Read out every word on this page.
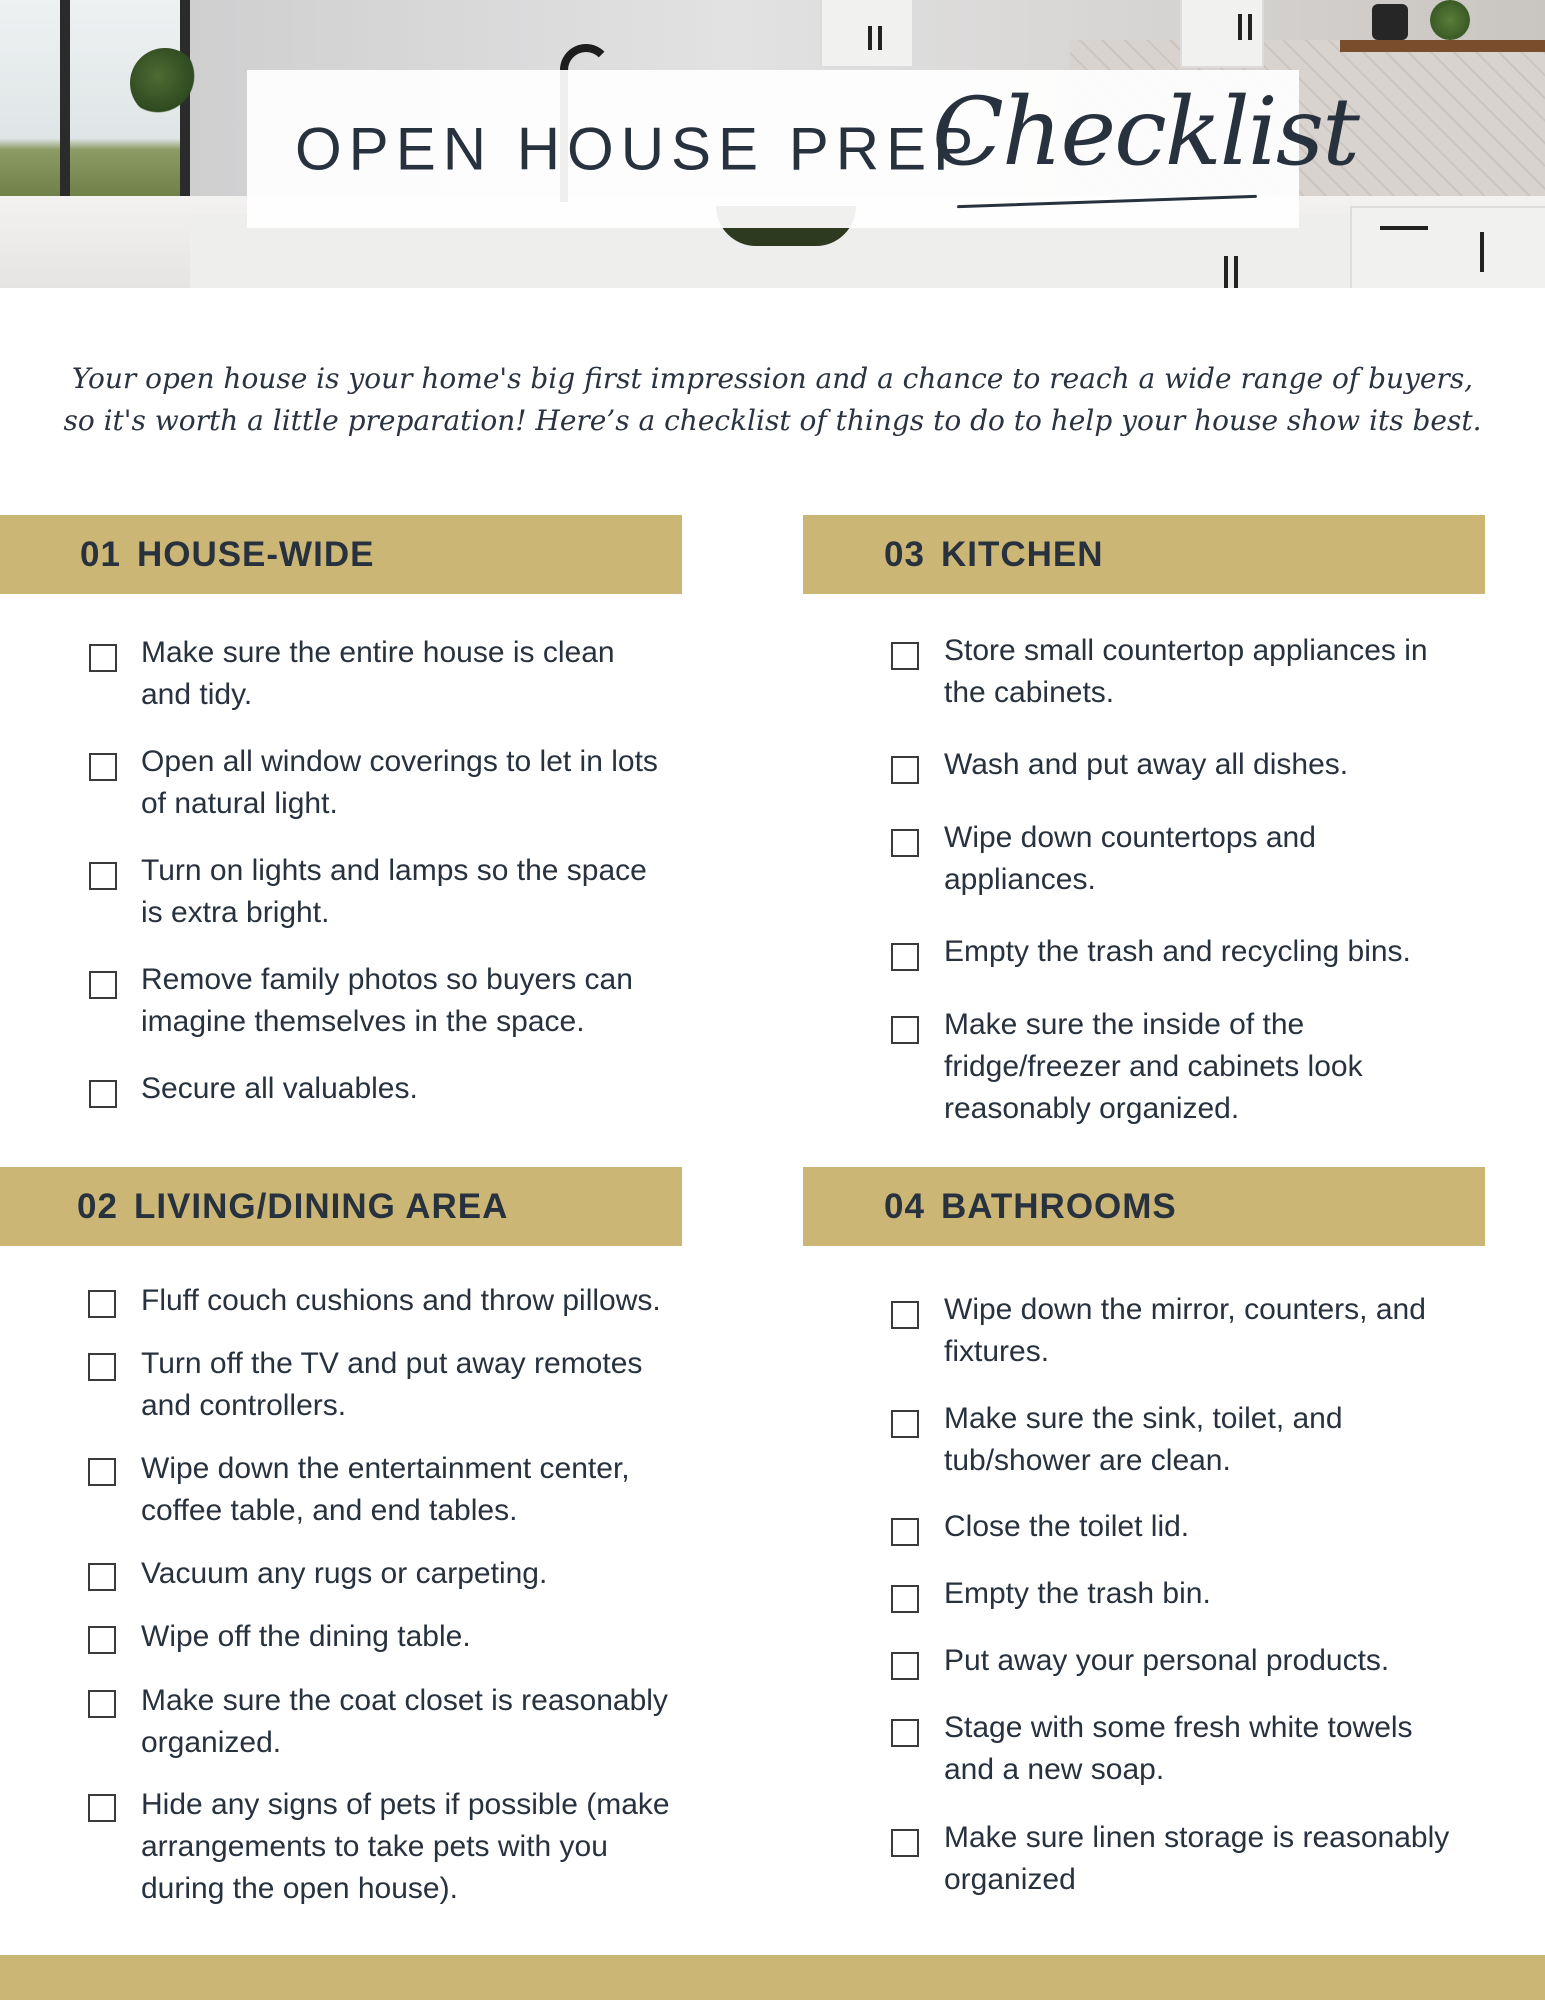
OPEN HOUSE PREP
Checklist
Your open house is your home's big first impression and a chance to reach a wide range of buyers, so it's worth a little preparation! Here’s a checklist of things to do to help your house show its best.
01 HOUSE-WIDE
Make sure the entire house is clean and tidy.
Open all window coverings to let in lots of natural light.
Turn on lights and lamps so the space is extra bright.
Remove family photos so buyers can imagine themselves in the space.
Secure all valuables.
02 LIVING/DINING AREA
Fluff couch cushions and throw pillows.
Turn off the TV and put away remotes and controllers.
Wipe down the entertainment center, coffee table, and end tables.
Vacuum any rugs or carpeting.
Wipe off the dining table.
Make sure the coat closet is reasonably organized.
Hide any signs of pets if possible (make arrangements to take pets with you during the open house).
03 KITCHEN
Store small countertop appliances in the cabinets.
Wash and put away all dishes.
Wipe down countertops and appliances.
Empty the trash and recycling bins.
Make sure the inside of the fridge/freezer and cabinets look reasonably organized.
04 BATHROOMS
Wipe down the mirror, counters, and fixtures.
Make sure the sink, toilet, and tub/shower are clean.
Close the toilet lid.
Empty the trash bin.
Put away your personal products.
Stage with some fresh white towels and a new soap.
Make sure linen storage is reasonably organized
